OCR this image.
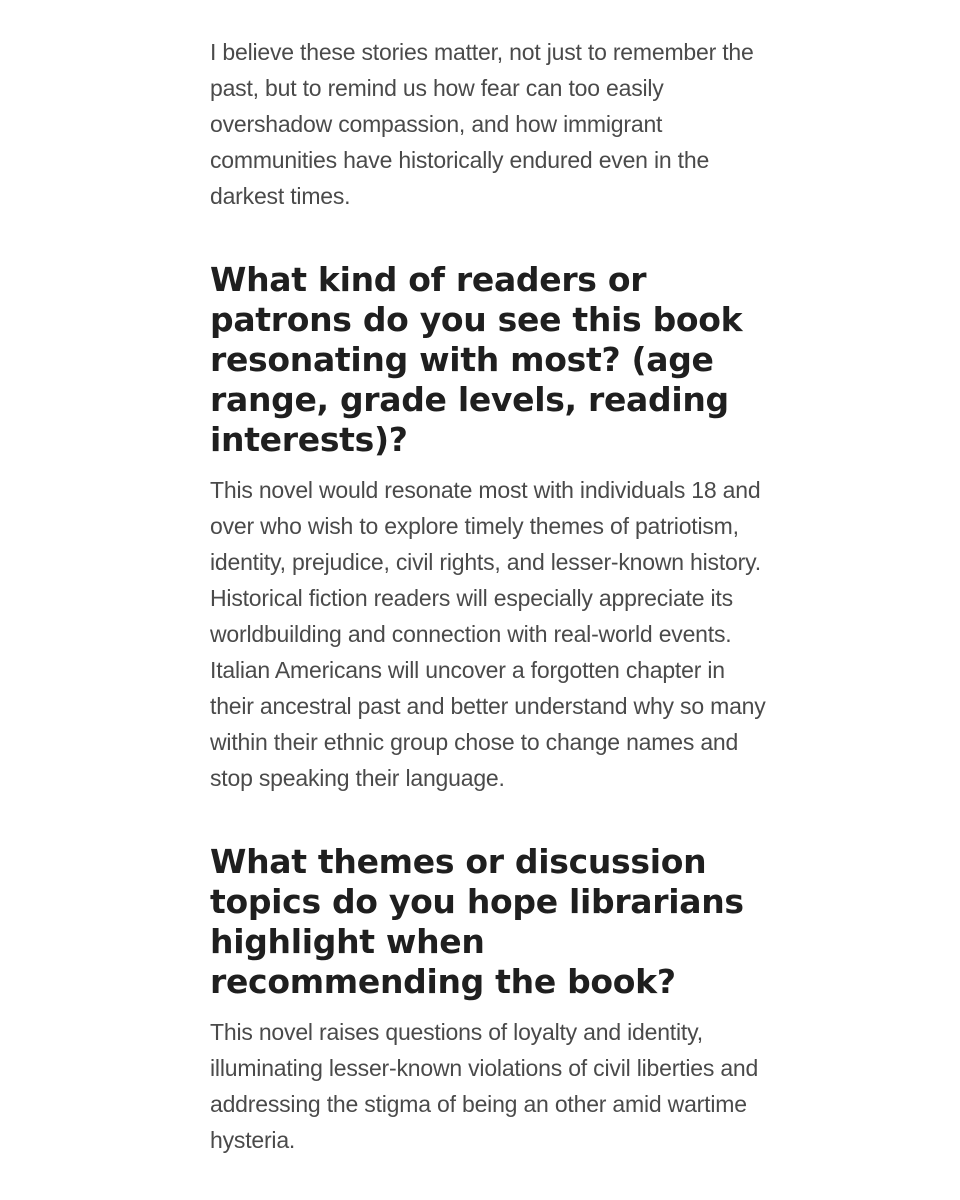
I believe these stories matter, not just to remember the past, but to remind us how fear can too easily overshadow compassion, and how immigrant communities have historically endured even in the darkest times.

What kind of readers or patrons do you see this book resonating with most? (age range, grade levels, reading interests)?

This novel would resonate most with individuals 18 and over who wish to explore timely themes of patriotism, identity, prejudice, civil rights, and lesser-known history. Historical fiction readers will especially appreciate its worldbuilding and connection with real-world events. Italian Americans will uncover a forgotten chapter in their ancestral past and better understand why so many within their ethnic group chose to change names and stop speaking their language.

What themes or discussion topics do you hope librarians highlight when recommending the book?

This novel raises questions of loyalty and identity, illuminating lesser-known violations of civil liberties and addressing the stigma of being an other amid wartime hysteria.
